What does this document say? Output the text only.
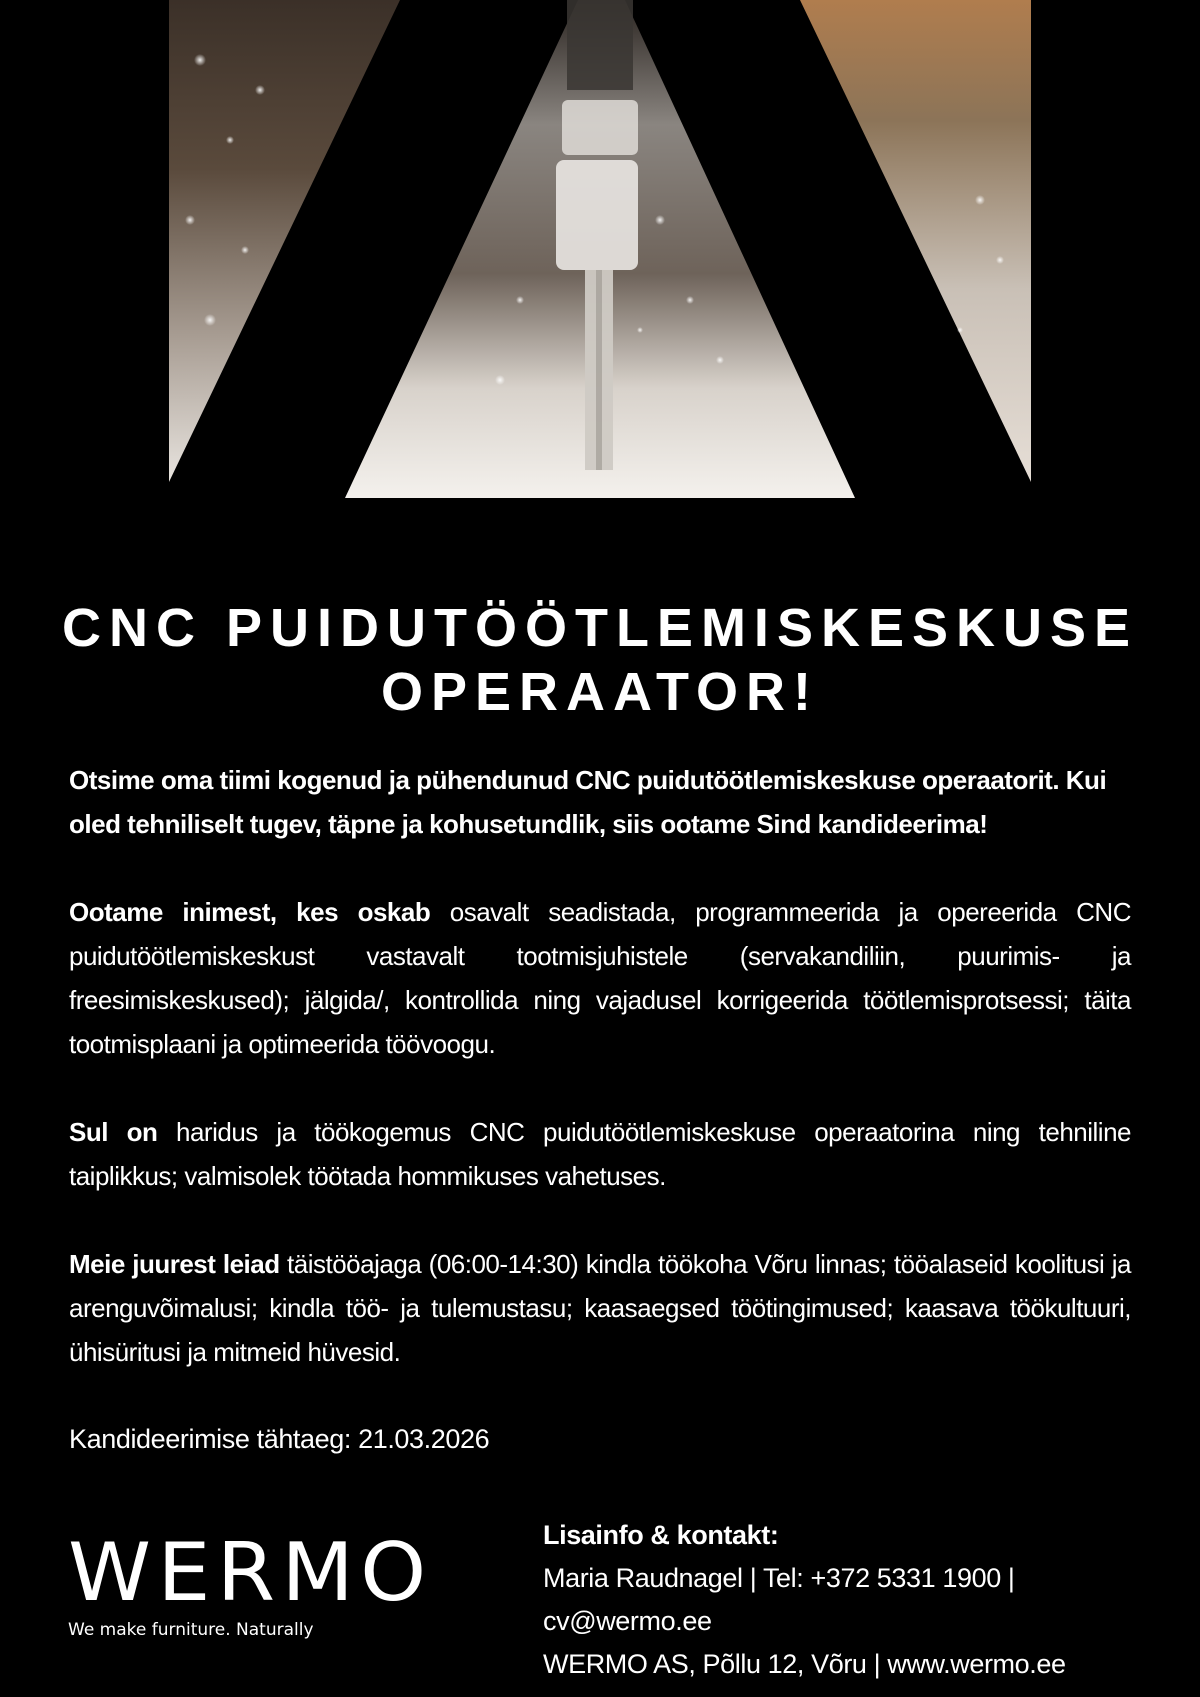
CNC PUIDUTÖÖTLEMISKESKUSE
OPERAATOR!

Otsime oma tiimi kogenud ja pühendunud CNC puidutöötlemiskeskuse operaatorit. Kui oled tehniliselt tugev, täpne ja kohusetundlik, siis ootame Sind kandideerima!

Ootame inimest, kes oskab osavalt seadistada, programmeerida ja opereerida CNC puidutöötlemiskeskust vastavalt tootmisjuhistele (servakandiliin, puurimis- ja freesimiskeskused); jälgida/, kontrollida ning vajadusel korrigeerida töötlemisprotsessi; täita tootmisplaani ja optimeerida töövoogu.

Sul on haridus ja töökogemus CNC puidutöötlemiskeskuse operaatorina ning tehniline taiplikkus; valmisolek töötada hommikuses vahetuses.

Meie juurest leiad täistööajaga (06:00-14:30) kindla töökoha Võru linnas; tööalaseid koolitusi ja arenguvõimalusi; kindla töö- ja tulemustasu; kaasaegsed töötingimused; kaasava töökultuuri, ühisüritusi ja mitmeid hüvesid.

Kandideerimise tähtaeg: 21.03.2026
WERMO
We make furniture. Naturally
Lisainfo & kontakt:
Maria Raudnagel | Tel: +372 5331 1900 |
cv@wermo.ee
WERMO AS, Põllu 12, Võru | www.wermo.ee
